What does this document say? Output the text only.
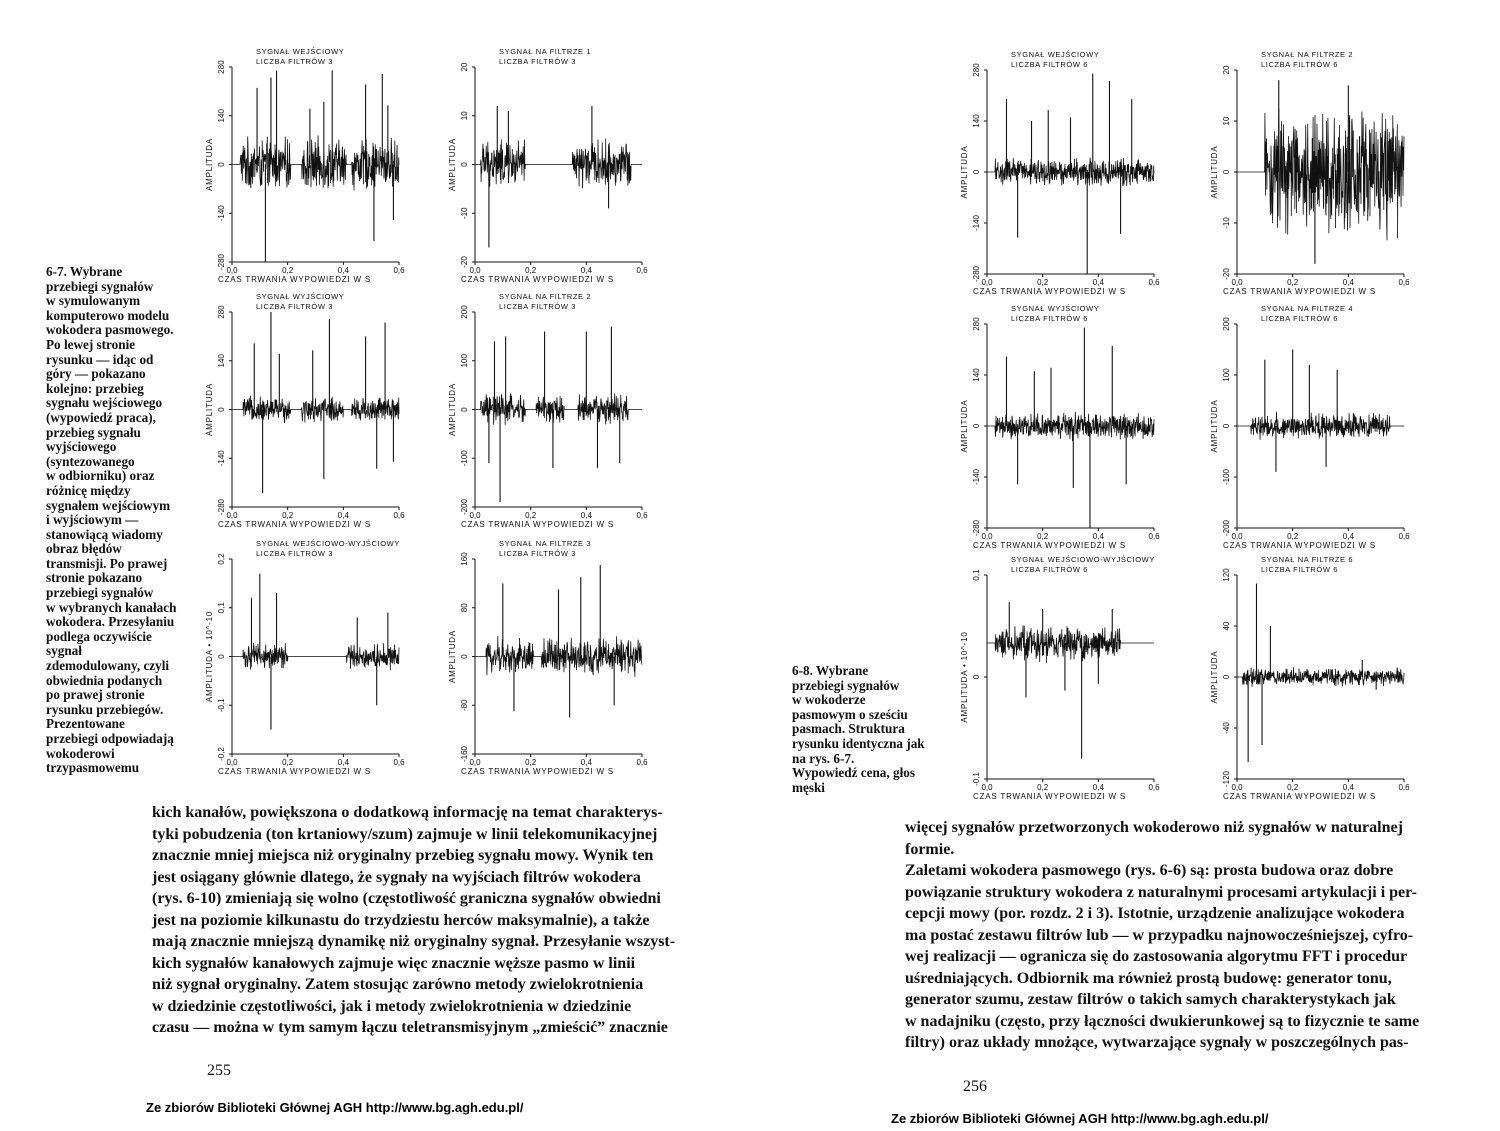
6-7. Wybrane

przebiegi sygnałów

w symulowanym

komputerowo modelu

wokodera pasmowego.

Po lewej stronie

rysunku — idąc od

góry — pokazano

kolejno: przebieg

sygnału wejściowego

(wypowiedź praca),

przebieg sygnału

wyjściowego

(syntezowanego

w odbiorniku) oraz

różnicę między

sygnałem wejściowym

i wyjściowym —

stanowiącą wiadomy

obraz błędów

transmisji. Po prawej

stronie pokazano

przebiegi sygnałów

w wybranych kanałach

wokodera. Przesyłaniu

podlega oczywiście

sygnał

zdemodulowany, czyli

obwiednia podanych

po prawej stronie

rysunku przebiegów.

Prezentowane

przebiegi odpowiadają

wokoderowi

trzypasmowemu

SYGNAŁ WEJŚCIOWY
LICZBA FILTRÓW 3
280
140
0
-140
-280
0,0	0,2	0,4	0,6
CZAS TRWANIA WYPOWIEDZI W S
AMPLITUDA
SYGNAŁ NA FILTRZE 1
LICZBA FILTRÓW 3
20
10
0
-10
-20
0,0	0,2	0,4	0,6
CZAS TRWANIA WYPOWIEDZI W S
AMPLITUDA
SYGNAŁ WYJŚCIOWY
LICZBA FILTRÓW 3
280
140
0
-140
-280
0,0	0,2	0,4	0,6
CZAS TRWANIA WYPOWIEDZI W S
AMPLITUDA
SYGNAŁ NA FILTRZE 2
LICZBA FILTRÓW 3
200
100
0
-100
-200
0,0	0,2	0,4	0,6
CZAS TRWANIA WYPOWIEDZI W S
AMPLITUDA
SYGNAŁ WEJŚCIOWO-WYJŚCIOWY
LICZBA FILTRÓW 3
0,2
0,1
0
-0,1
-0,2
0,0	0,2	0,4	0,6
CZAS TRWANIA WYPOWIEDZI W S
AMPLITUDA • 10^-10
SYGNAŁ NA FILTRZE 3
LICZBA FILTRÓW 3
160
80
0
-80
-160
0,0	0,2	0,4	0,6
CZAS TRWANIA WYPOWIEDZI W S
AMPLITUDA

kich kanałów, powiększona o dodatkową informację na temat charakterys-

tyki pobudzenia (ton krtaniowy/szum) zajmuje w linii telekomunikacyjnej

znacznie mniej miejsca niż oryginalny przebieg sygnału mowy. Wynik ten

jest osiągany głównie dlatego, że sygnały na wyjściach filtrów wokodera

(rys. 6-10) zmieniają się wolno (częstotliwość graniczna sygnałów obwiedni

jest na poziomie kilkunastu do trzydziestu herców maksymalnie), a także

mają znacznie mniejszą dynamikę niż oryginalny sygnał. Przesyłanie wszyst-

kich sygnałów kanałowych zajmuje więc znacznie węższe pasmo w linii

niż sygnał oryginalny. Zatem stosując zarówno metody zwielokrotnienia

w dziedzinie częstotliwości, jak i metody zwielokrotnienia w dziedzinie

czasu — można w tym samym łączu teletransmisyjnym „zmieścić” znacznie

255
Ze zbiorów Biblioteki Głównej AGH http://www.bg.agh.edu.pl/
SYGNAŁ WEJŚCIOWY
LICZBA FILTRÓW 6
280
140
0
-140
-280
0,0	0,2	0,4	0,6
CZAS TRWANIA WYPOWIEDZI W S
AMPLITUDA
SYGNAŁ NA FILTRZE 2
LICZBA FILTRÓW 6
20
10
0
-10
-20
0,0	0,2	0,4	0,6
CZAS TRWANIA WYPOWIEDZI W S
AMPLITUDA
SYGNAŁ WYJŚCIOWY
LICZBA FILTRÓW 6
280
140
0
-140
-280
0,0	0,2	0,4	0,6
CZAS TRWANIA WYPOWIEDZI W S
AMPLITUDA
SYGNAŁ NA FILTRZE 4
LICZBA FILTRÓW 6
200
100
0
-100
-200
0,0	0,2	0,4	0,6
CZAS TRWANIA WYPOWIEDZI W S
AMPLITUDA
SYGNAŁ WEJŚCIOWO-WYJŚCIOWY
LICZBA FILTRÓW 6
0,1
0
-0,1
0,0	0,2	0,4	0,6
CZAS TRWANIA WYPOWIEDZI W S
AMPLITUDA • 10^-10
SYGNAŁ NA FILTRZE 6
LICZBA FILTRÓW 6
120
40
0
-40
-120
0,0	0,2	0,4	0,6
CZAS TRWANIA WYPOWIEDZI W S
AMPLITUDA

6-8. Wybrane

przebiegi sygnałów

w wokoderze

pasmowym o sześciu

pasmach. Struktura

rysunku identyczna jak

na rys. 6-7.

Wypowiedź cena, głos

męski

więcej sygnałów przetworzonych wokoderowo niż sygnałów w naturalnej

formie.

Zaletami wokodera pasmowego (rys. 6-6) są: prosta budowa oraz dobre

powiązanie struktury wokodera z naturalnymi procesami artykulacji i per-

cepcji mowy (por. rozdz. 2 i 3). Istotnie, urządzenie analizujące wokodera

ma postać zestawu filtrów lub — w przypadku najnowocześniejszej, cyfro-

wej realizacji — ogranicza się do zastosowania algorytmu FFT i procedur

uśredniających. Odbiornik ma również prostą budowę: generator tonu,

generator szumu, zestaw filtrów o takich samych charakterystykach jak

w nadajniku (często, przy łączności dwukierunkowej są to fizycznie te same

filtry) oraz układy mnożące, wytwarzające sygnały w poszczególnych pas-

256
Ze zbiorów Biblioteki Głównej AGH http://www.bg.agh.edu.pl/
